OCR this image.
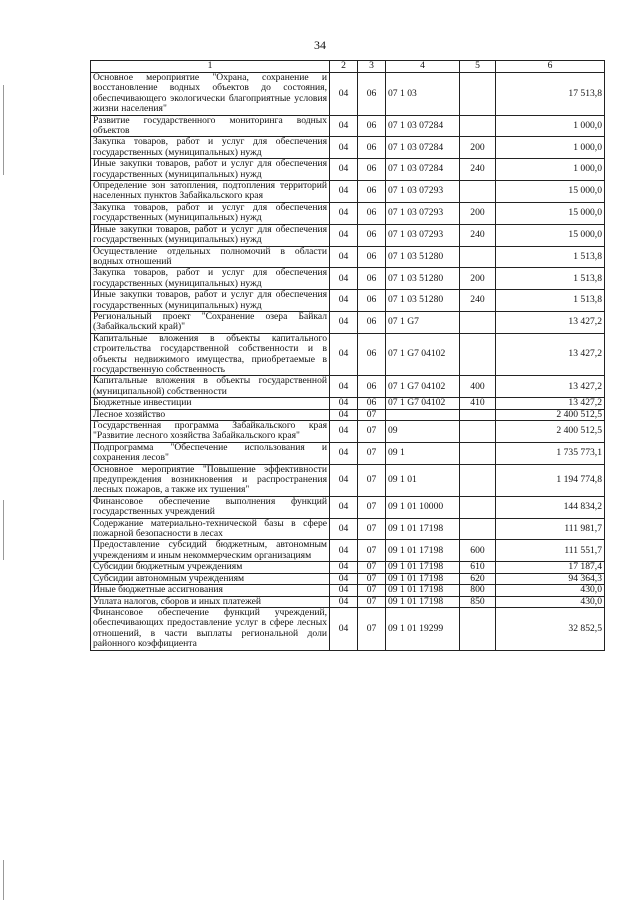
34
1	2	3	4	5	6
Основное мероприятие "Охрана, сохранение и восстановление водных объектов до состояния, обеспечивающего экологически благоприятные условия жизни населения"	04	06	07 1 03		17 513,8
Развитие государственного мониторинга водных объектов	04	06	07 1 03 07284		1 000,0
Закупка товаров, работ и услуг для обеспечения государственных (муниципальных) нужд	04	06	07 1 03 07284	200	1 000,0
Иные закупки товаров, работ и услуг для обеспечения государственных (муниципальных) нужд	04	06	07 1 03 07284	240	1 000,0
Определение зон затопления, подтопления территорий населенных пунктов Забайкальского края	04	06	07 1 03 07293		15 000,0
Закупка товаров, работ и услуг для обеспечения государственных (муниципальных) нужд	04	06	07 1 03 07293	200	15 000,0
Иные закупки товаров, работ и услуг для обеспечения государственных (муниципальных) нужд	04	06	07 1 03 07293	240	15 000,0
Осуществление отдельных полномочий в области водных отношений	04	06	07 1 03 51280		1 513,8
Закупка товаров, работ и услуг для обеспечения государственных (муниципальных) нужд	04	06	07 1 03 51280	200	1 513,8
Иные закупки товаров, работ и услуг для обеспечения государственных (муниципальных) нужд	04	06	07 1 03 51280	240	1 513,8
Региональный проект "Сохранение озера Байкал (Забайкальский край)"	04	06	07 1 G7		13 427,2
Капитальные вложения в объекты капитального строительства государственной собственности и в объекты недвижимого имущества, приобретаемые в государственную собственность	04	06	07 1 G7 04102		13 427,2
Капитальные вложения в объекты государственной (муниципальной) собственности	04	06	07 1 G7 04102	400	13 427,2
Бюджетные инвестиции	04	06	07 1 G7 04102	410	13 427,2
Лесное хозяйство	04	07			2 400 512,5
Государственная программа Забайкальского края "Развитие лесного хозяйства Забайкальского края"	04	07	09		2 400 512,5
Подпрограмма "Обеспечение использования и сохранения лесов"	04	07	09 1		1 735 773,1
Основное мероприятие "Повышение эффективности предупреждения возникновения и распространения лесных пожаров, а также их тушения"	04	07	09 1 01		1 194 774,8
Финансовое обеспечение выполнения функций государственных учреждений	04	07	09 1 01 10000		144 834,2
Содержание материально-технической базы в сфере пожарной безопасности в лесах	04	07	09 1 01 17198		111 981,7
Предоставление субсидий бюджетным, автономным учреждениям и иным некоммерческим организациям	04	07	09 1 01 17198	600	111 551,7
Субсидии бюджетным учреждениям	04	07	09 1 01 17198	610	17 187,4
Субсидии автономным учреждениям	04	07	09 1 01 17198	620	94 364,3
Иные бюджетные ассигнования	04	07	09 1 01 17198	800	430,0
Уплата налогов, сборов и иных платежей	04	07	09 1 01 17198	850	430,0
Финансовое обеспечение функций учреждений, обеспечивающих предоставление услуг в сфере лесных отношений, в части выплаты региональной доли районного коэффициента	04	07	09 1 01 19299		32 852,5
